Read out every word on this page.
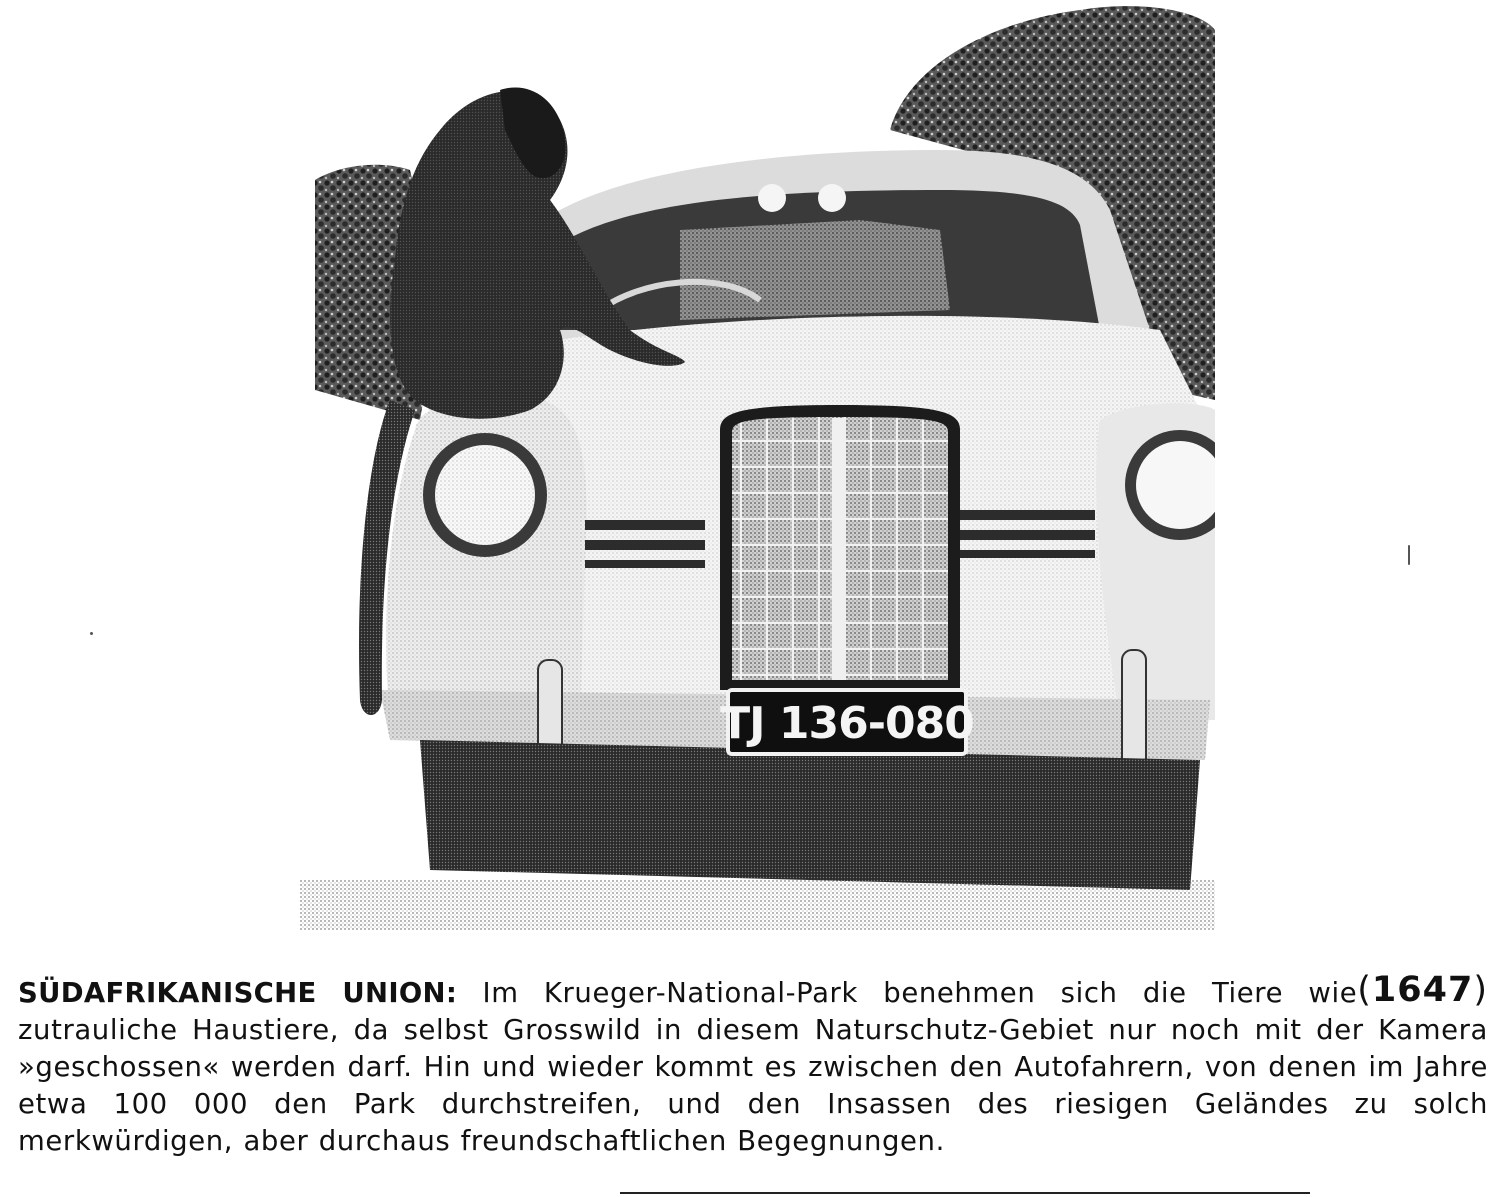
TJ 136-080
(1647)
SÜDAFRIKANISCHE UNION: Im Krueger-National-Park benehmen sich die Tiere wie zutrauliche Haustiere, da selbst Grosswild in diesem Naturschutz-Gebiet nur noch mit der Kamera »geschossen« werden darf. Hin und wieder kommt es zwischen den Autofahrern, von denen im Jahre etwa 100 000 den Park durchstreifen, und den Insassen des riesigen Geländes zu solch merkwürdigen, aber durchaus freundschaftlichen Begegnungen.
